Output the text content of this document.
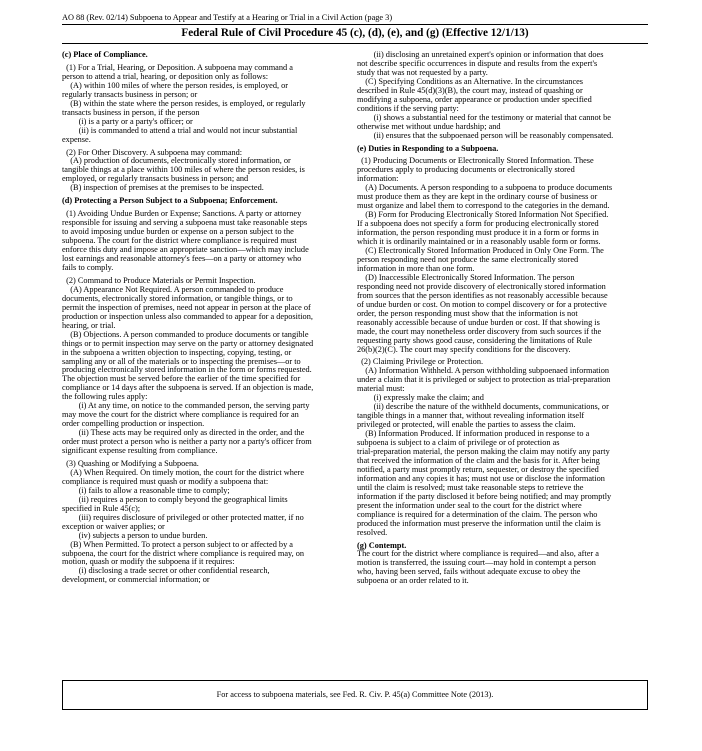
AO 88 (Rev. 02/14) Subpoena to Appear and Testify at a Hearing or Trial in a Civil Action (page 3)
Federal Rule of Civil Procedure 45 (c), (d), (e), and (g) (Effective 12/1/13)

(c) Place of Compliance.

(1) For a Trial, Hearing, or Deposition. A subpoena may command a

person to attend a trial, hearing, or deposition only as follows:

(A) within 100 miles of where the person resides, is employed, or

regularly transacts business in person; or

(B) within the state where the person resides, is employed, or regularly

transacts business in person, if the person

(i) is a party or a party's officer; or

(ii) is commanded to attend a trial and would not incur substantial

expense.

(2) For Other Discovery. A subpoena may command:

(A) production of documents, electronically stored information, or

tangible things at a place within 100 miles of where the person resides, is

employed, or regularly transacts business in person; and

(B) inspection of premises at the premises to be inspected.

(d) Protecting a Person Subject to a Subpoena; Enforcement.

(1) Avoiding Undue Burden or Expense; Sanctions. A party or attorney

responsible for issuing and serving a subpoena must take reasonable steps

to avoid imposing undue burden or expense on a person subject to the

subpoena. The court for the district where compliance is required must

enforce this duty and impose an appropriate sanction—which may include

lost earnings and reasonable attorney's fees—on a party or attorney who

fails to comply.

(2) Command to Produce Materials or Permit Inspection.

(A) Appearance Not Required. A person commanded to produce

documents, electronically stored information, or tangible things, or to

permit the inspection of premises, need not appear in person at the place of

production or inspection unless also commanded to appear for a deposition,

hearing, or trial.

(B) Objections. A person commanded to produce documents or tangible

things or to permit inspection may serve on the party or attorney designated

in the subpoena a written objection to inspecting, copying, testing, or

sampling any or all of the materials or to inspecting the premises—or to

producing electronically stored information in the form or forms requested.

The objection must be served before the earlier of the time specified for

compliance or 14 days after the subpoena is served. If an objection is made,

the following rules apply:

(i) At any time, on notice to the commanded person, the serving party

may move the court for the district where compliance is required for an

order compelling production or inspection.

(ii) These acts may be required only as directed in the order, and the

order must protect a person who is neither a party nor a party's officer from

significant expense resulting from compliance.

(3) Quashing or Modifying a Subpoena.

(A) When Required. On timely motion, the court for the district where

compliance is required must quash or modify a subpoena that:

(i) fails to allow a reasonable time to comply;

(ii) requires a person to comply beyond the geographical limits

specified in Rule 45(c);

(iii) requires disclosure of privileged or other protected matter, if no

exception or waiver applies; or

(iv) subjects a person to undue burden.

(B) When Permitted. To protect a person subject to or affected by a

subpoena, the court for the district where compliance is required may, on

motion, quash or modify the subpoena if it requires:

(i) disclosing a trade secret or other confidential research,

development, or commercial information; or

(ii) disclosing an unretained expert's opinion or information that does

not describe specific occurrences in dispute and results from the expert's

study that was not requested by a party.

(C) Specifying Conditions as an Alternative. In the circumstances

described in Rule 45(d)(3)(B), the court may, instead of quashing or

modifying a subpoena, order appearance or production under specified

conditions if the serving party:

(i) shows a substantial need for the testimony or material that cannot be

otherwise met without undue hardship; and

(ii) ensures that the subpoenaed person will be reasonably compensated.

(e) Duties in Responding to a Subpoena.

(1) Producing Documents or Electronically Stored Information. These

procedures apply to producing documents or electronically stored

information:

(A) Documents. A person responding to a subpoena to produce documents

must produce them as they are kept in the ordinary course of business or

must organize and label them to correspond to the categories in the demand.

(B) Form for Producing Electronically Stored Information Not Specified.

If a subpoena does not specify a form for producing electronically stored

information, the person responding must produce it in a form or forms in

which it is ordinarily maintained or in a reasonably usable form or forms.

(C) Electronically Stored Information Produced in Only One Form. The

person responding need not produce the same electronically stored

information in more than one form.

(D) Inaccessible Electronically Stored Information. The person

responding need not provide discovery of electronically stored information

from sources that the person identifies as not reasonably accessible because

of undue burden or cost. On motion to compel discovery or for a protective

order, the person responding must show that the information is not

reasonably accessible because of undue burden or cost. If that showing is

made, the court may nonetheless order discovery from such sources if the

requesting party shows good cause, considering the limitations of Rule

26(b)(2)(C). The court may specify conditions for the discovery.

(2) Claiming Privilege or Protection.

(A) Information Withheld. A person withholding subpoenaed information

under a claim that it is privileged or subject to protection as trial-preparation

material must:

(i) expressly make the claim; and

(ii) describe the nature of the withheld documents, communications, or

tangible things in a manner that, without revealing information itself

privileged or protected, will enable the parties to assess the claim.

(B) Information Produced. If information produced in response to a

subpoena is subject to a claim of privilege or of protection as

trial-preparation material, the person making the claim may notify any party

that received the information of the claim and the basis for it. After being

notified, a party must promptly return, sequester, or destroy the specified

information and any copies it has; must not use or disclose the information

until the claim is resolved; must take reasonable steps to retrieve the

information if the party disclosed it before being notified; and may promptly

present the information under seal to the court for the district where

compliance is required for a determination of the claim. The person who

produced the information must preserve the information until the claim is

resolved.

(g) Contempt.

The court for the district where compliance is required—and also, after a

motion is transferred, the issuing court—may hold in contempt a person

who, having been served, fails without adequate excuse to obey the

subpoena or an order related to it.

For access to subpoena materials, see Fed. R. Civ. P. 45(a) Committee Note (2013).
